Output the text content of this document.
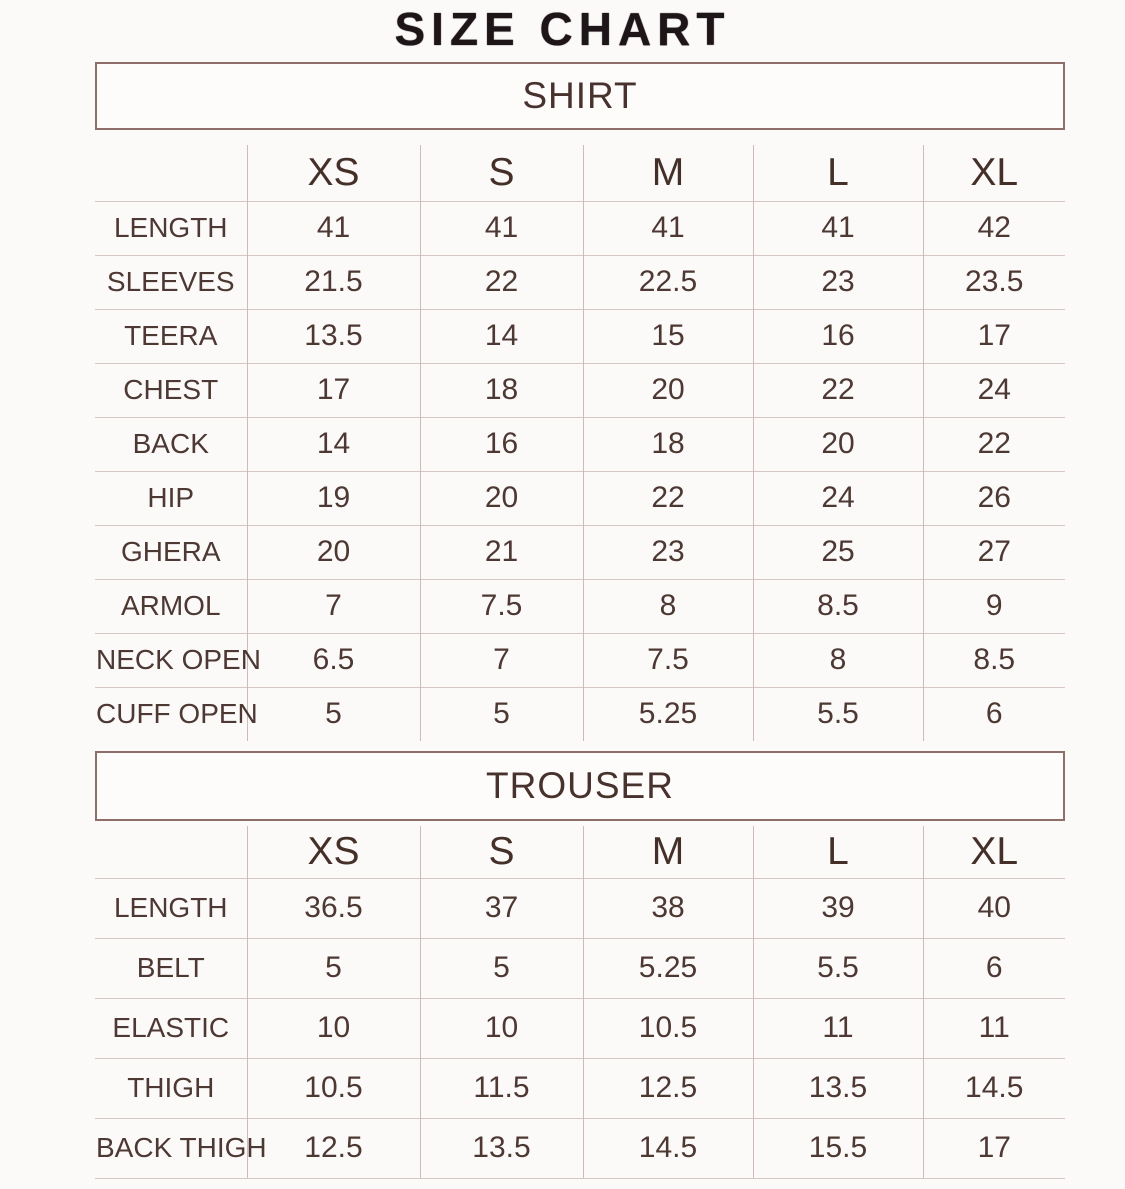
SIZE CHART
SHIRT
	XS	S	M	L	XL
LENGTH	41	41	41	41	42
SLEEVES	21.5	22	22.5	23	23.5
TEERA	13.5	14	15	16	17
CHEST	17	18	20	22	24
BACK	14	16	18	20	22
HIP	19	20	22	24	26
GHERA	20	21	23	25	27
ARMOL	7	7.5	8	8.5	9
NECK OPEN	6.5	7	7.5	8	8.5
CUFF OPEN	5	5	5.25	5.5	6
TROUSER
	XS	S	M	L	XL
LENGTH	36.5	37	38	39	40
BELT	5	5	5.25	5.5	6
ELASTIC	10	10	10.5	11	11
THIGH	10.5	11.5	12.5	13.5	14.5
BACK THIGH	12.5	13.5	14.5	15.5	17
